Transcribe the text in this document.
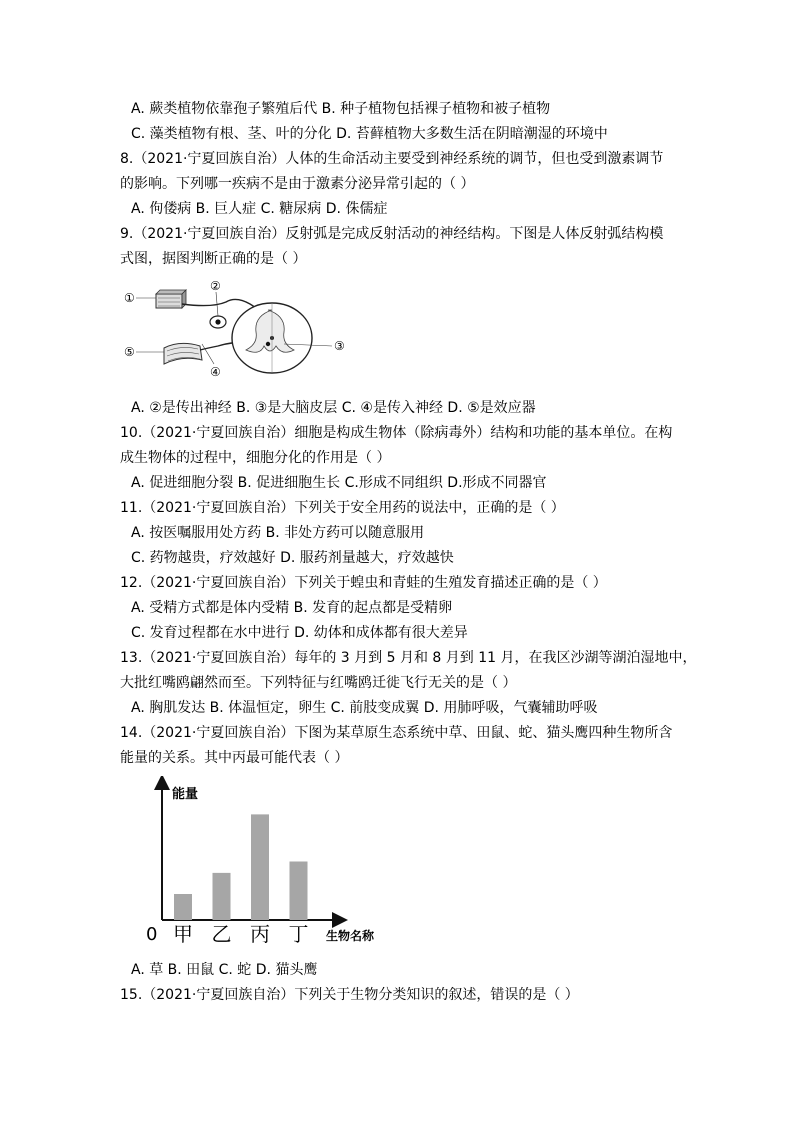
A. 蕨类植物依靠孢子繁殖后代 B. 种子植物包括裸子植物和被子植物
C. 藻类植物有根、茎、叶的分化 D. 苔藓植物大多数生活在阴暗潮湿的环境中
8.（2021·宁夏回族自治）人体的生命活动主要受到神经系统的调节，但也受到激素调节
的影响。下列哪一疾病不是由于激素分泌异常引起的（ ）
A. 佝偻病 B. 巨人症 C. 糖尿病 D. 侏儒症
9.（2021·宁夏回族自治）反射弧是完成反射活动的神经结构。下图是人体反射弧结构模
式图，据图判断正确的是（ ）
①
②
③
④
⑤
A. ②是传出神经 B. ③是大脑皮层 C. ④是传入神经 D. ⑤是效应器
10.（2021·宁夏回族自治）细胞是构成生物体（除病毒外）结构和功能的基本单位。在构
成生物体的过程中，细胞分化的作用是（ ）
A. 促进细胞分裂 B. 促进细胞生长 C.形成不同组织 D.形成不同器官
11.（2021·宁夏回族自治）下列关于安全用药的说法中，正确的是（ ）
A. 按医嘱服用处方药 B. 非处方药可以随意服用
C. 药物越贵，疗效越好 D. 服药剂量越大，疗效越快
12.（2021·宁夏回族自治）下列关于蝗虫和青蛙的生殖发育描述正确的是（ ）
A. 受精方式都是体内受精 B. 发育的起点都是受精卵
C. 发育过程都在水中进行 D. 幼体和成体都有很大差异
13.（2021·宁夏回族自治）每年的 3 月到 5 月和 8 月到 11 月，在我区沙湖等湖泊湿地中，
大批红嘴鸥翩然而至。下列特征与红嘴鸥迁徙飞行无关的是（ ）
A. 胸肌发达 B. 体温恒定，卵生 C. 前肢变成翼 D. 用肺呼吸，气囊辅助呼吸
14.（2021·宁夏回族自治）下图为某草原生态系统中草、田鼠、蛇、猫头鹰四种生物所含
能量的关系。其中丙最可能代表（ ）
能量
0	生物名称
甲 乙 丙 丁
A. 草 B. 田鼠 C. 蛇 D. 猫头鹰
15.（2021·宁夏回族自治）下列关于生物分类知识的叙述，错误的是（ ）
